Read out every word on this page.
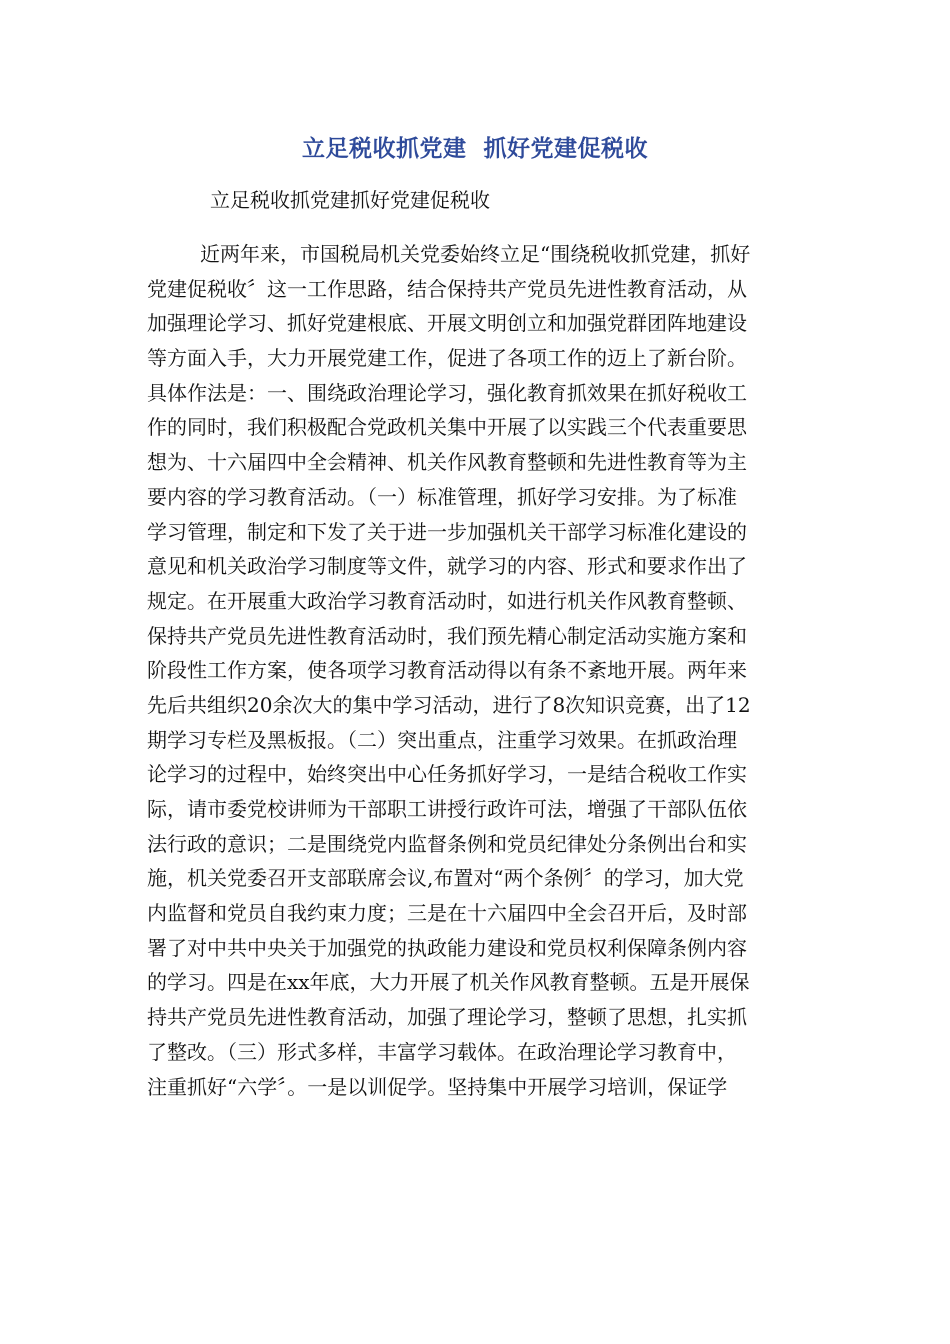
立足税收抓党建  抓好党建促税收
立足税收抓党建抓好党建促税收
近两年来，市国税局机关党委始终立足“围绕税收抓党建，抓好
党建促税收〞这一工作思路，结合保持共产党员先进性教育活动，从
加强理论学习、抓好党建根底、开展文明创立和加强党群团阵地建设
等方面入手，大力开展党建工作，促进了各项工作的迈上了新台阶。
具体作法是：一、围绕政治理论学习，强化教育抓效果在抓好税收工
作的同时，我们积极配合党政机关集中开展了以实践三个代表重要思
想为、十六届四中全会精神、机关作风教育整顿和先进性教育等为主
要内容的学习教育活动。（一）标准管理，抓好学习安排。为了标准
学习管理，制定和下发了关于进一步加强机关干部学习标准化建设的
意见和机关政治学习制度等文件，就学习的内容、形式和要求作出了
规定。在开展重大政治学习教育活动时，如进行机关作风教育整顿、
保持共产党员先进性教育活动时，我们预先精心制定活动实施方案和
阶段性工作方案，使各项学习教育活动得以有条不紊地开展。两年来
先后共组织20余次大的集中学习活动，进行了8次知识竞赛，出了12
期学习专栏及黑板报。（二）突出重点，注重学习效果。在抓政治理
论学习的过程中，始终突出中心任务抓好学习，一是结合税收工作实
际，请市委党校讲师为干部职工讲授行政许可法，增强了干部队伍依
法行政的意识；二是围绕党内监督条例和党员纪律处分条例出台和实
施，机关党委召开支部联席会议,布置对“两个条例〞的学习，加大党
内监督和党员自我约束力度；三是在十六届四中全会召开后，及时部
署了对中共中央关于加强党的执政能力建设和党员权利保障条例内容
的学习。四是在xx年底，大力开展了机关作风教育整顿。五是开展保
持共产党员先进性教育活动，加强了理论学习，整顿了思想，扎实抓
了整改。（三）形式多样，丰富学习载体。在政治理论学习教育中，
注重抓好“六学〞。一是以训促学。坚持集中开展学习培训，保证学
